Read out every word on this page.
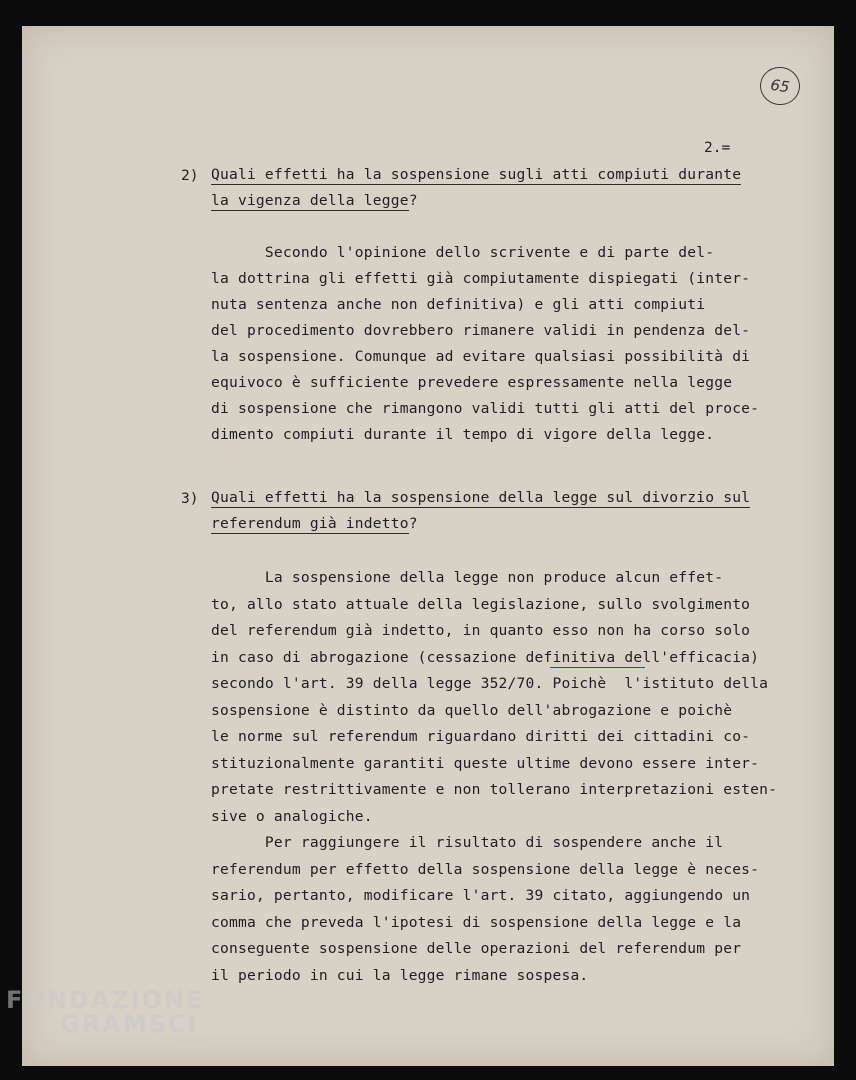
65
2.=
2)

Quali effetti ha la sospensione sugli atti compiuti durante

la vigenza della legge?

Secondo l'opinione dello scrivente e di parte del-

la dottrina gli effetti già compiutamente dispiegati (inter-

nuta sentenza anche non definitiva) e gli atti compiuti

del procedimento dovrebbero rimanere validi in pendenza del-

la sospensione. Comunque ad evitare qualsiasi possibilità di

equivoco è sufficiente prevedere espressamente nella legge

di sospensione che rimangono validi tutti gli atti del proce-

dimento compiuti durante il tempo di vigore della legge.

3)

Quali effetti ha la sospensione della legge sul divorzio sul

referendum già indetto?

La sospensione della legge non produce alcun effet-

to, allo stato attuale della legislazione, sullo svolgimento

del referendum già indetto, in quanto esso non ha corso solo

in caso di abrogazione (cessazione definitiva dell'efficacia)

secondo l'art. 39 della legge 352/70. Poichè  l'istituto della

sospensione è distinto da quello dell'abrogazione e poichè

le norme sul referendum riguardano diritti dei cittadini co-

stituzionalmente garantiti queste ultime devono essere inter-

pretate restrittivamente e non tollerano interpretazioni esten-

sive o analogiche.

Per raggiungere il risultato di sospendere anche il

referendum per effetto della sospensione della legge è neces-

sario, pertanto, modificare l'art. 39 citato, aggiungendo un

comma che preveda l'ipotesi di sospensione della legge e la

conseguente sospensione delle operazioni del referendum per

il periodo in cui la legge rimane sospesa.

FONDAZIONE
GRAMSCI
onlus
